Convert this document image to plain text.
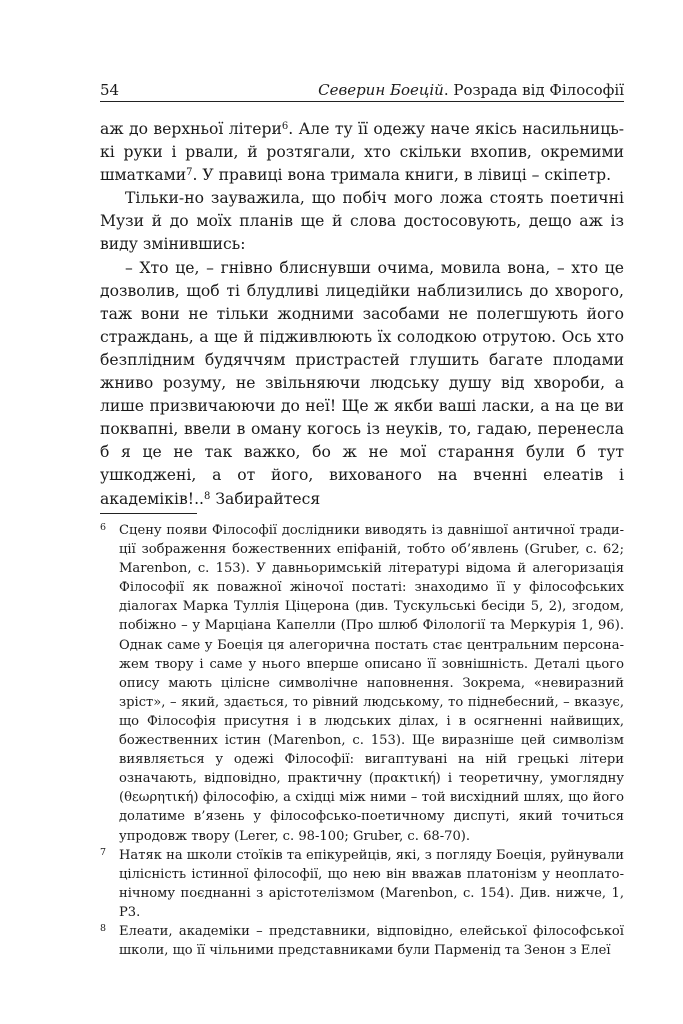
54	Северин Боецій. Розрада від Філософії

аж до верхньої літери$^6$. Але ту її одежу наче якісь насильницькі руки і рвали, й розтягали, хто скільки вхопив, окремими шматками$^7$. У правиці вона тримала книги, в лівиці – скіпетр.

Тільки-но зауважила, що побіч мого ложа стоять поетичні Музи й до моїх планів ще й слова достосовують, дещо аж із виду змінившись:

– Хто це, – гнівно блиснувши очима, мовила вона, – хто це дозволив, щоб ті блудливі лицедійки наблизились до хворого, таж вони не тільки жодними засобами не полегшують його страждань, а ще й підживлюють їх солодкою отрутою. Ось хто безплідним будяччям пристрастей глушить багате плодами жниво розуму, не звільняючи людську душу від хвороби, а лише призвичаюючи до неї! Ще ж якби ваші ласки, а на це ви поквапні, ввели в оману когось із неуків, то, гадаю, перенесла б я це не так важко, бо ж не мої старання були б тут ушкоджені, а от його, вихованого на вченні елеатів і академіків!..$^8$ Забирайтеся

6 Сцену появи Філософії дослідники виводять із давнішої античної традиції зображення божественних епіфаній, тобто об’явлень (Gruber, с. 62; Marenbon, с. 153). У давньоримській літературі відома й алегоризація Філософії як поважної жіночої постаті: знаходимо її у філософських діалогах Марка Туллія Ціцерона (див. Тускульські бесіди 5, 2), згодом, побіжно – у Марціана Капелли (Про шлюб Філології та Меркурія 1, 96). Однак саме у Боеція ця алегорична постать стає центральним персонажем твору і саме у нього вперше описано її зовнішність. Деталі цього опису мають цілісне символічне наповнення. Зокрема, «невиразний зріст», – який, здається, то рівний людському, то піднебесний, – вказує, що Філософія присутня і в людських ділах, і в осягненні найвищих, божественних істин (Marenbon, с. 153). Ще виразніше цей символізм виявляється у одежі Філософії: вигаптувані на ній грецькі літери означають, відповідно, практичну (πρακτική) і теоретичну, умоглядну (θεωρητική) філософію, а східці між ними – той висхідний шлях, що його долатиме в’язень у філософсько-поетичному диспуті, який точиться упродовж твору (Lerer, с. 98-100; Gruber, с. 68-70).
7 Натяк на школи стоїків та епікурейців, які, з погляду Боеція, руйнували цілісність істинної філософії, що нею він вважав платонізм у неоплатонічному поєднанні з арістотелізмом (Marenbon, с. 154). Див. нижче, 1, Р3.
8 Елеати, академіки – представники, відповідно, елейської філософської школи, що її чільними представниками були Парменід та Зенон з Елеї
